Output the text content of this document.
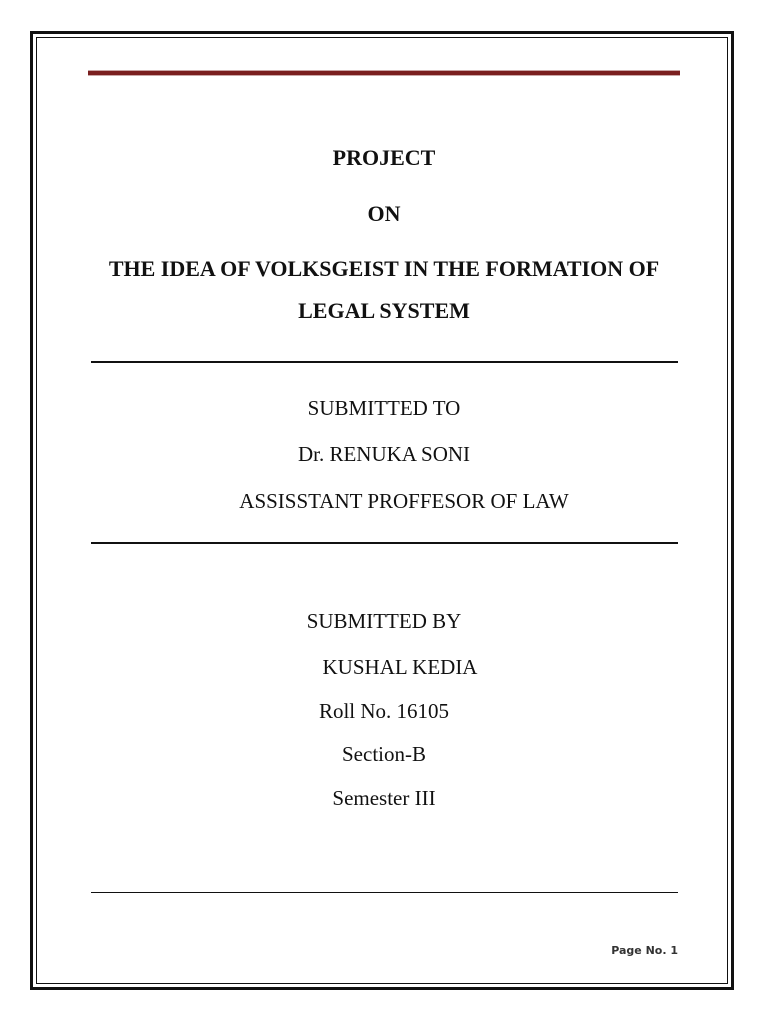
PROJECT
ON
THE IDEA OF VOLKSGEIST IN THE FORMATION OF
LEGAL SYSTEM
SUBMITTED TO
Dr. RENUKA SONI
ASSISSTANT PROFFESOR OF LAW
SUBMITTED BY
KUSHAL KEDIA
Roll No. 16105
Section-B
Semester III
Page No. 1
